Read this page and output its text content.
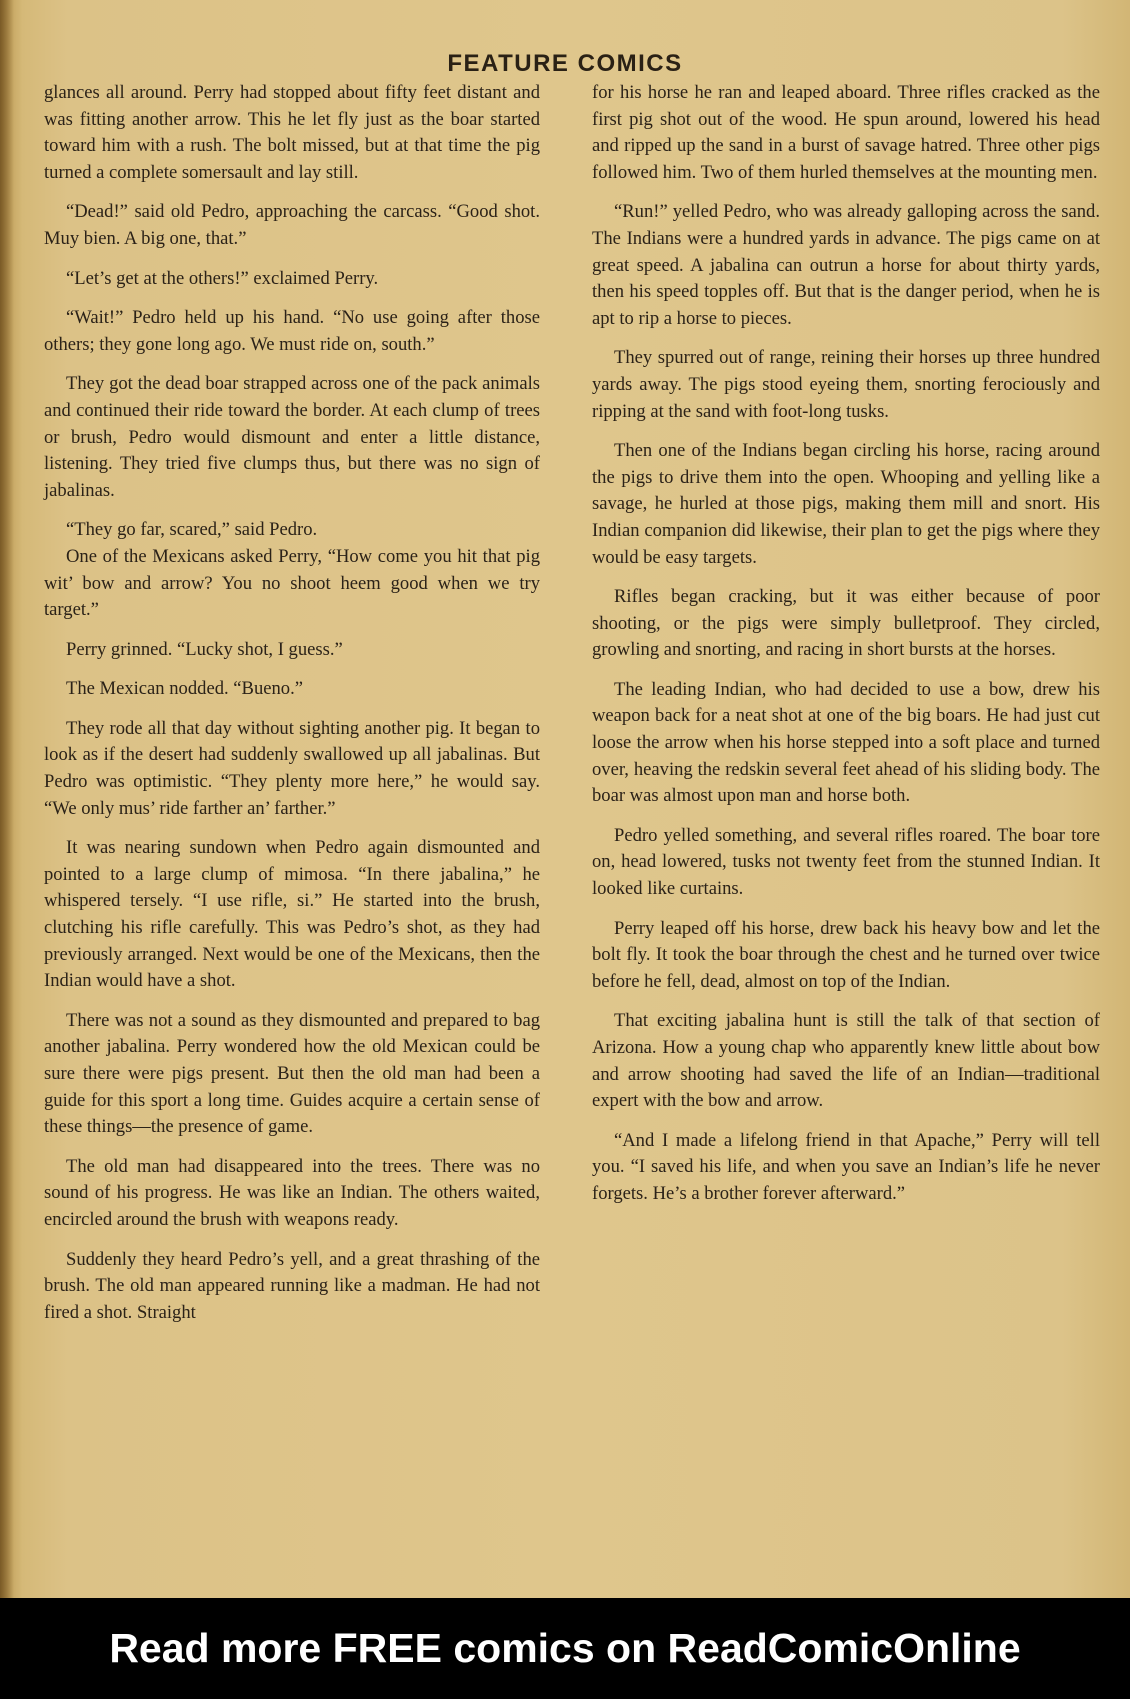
FEATURE COMICS

glances all around. Perry had stopped about fifty feet distant and was fitting another arrow. This he let fly just as the boar started toward him with a rush. The bolt missed, but at that time the pig turned a complete somersault and lay still.

“Dead!” said old Pedro, approaching the carcass. “Good shot. Muy bien. A big one, that.”

“Let’s get at the others!” exclaimed Perry.

“Wait!” Pedro held up his hand. “No use going after those others; they gone long ago. We must ride on, south.”

They got the dead boar strapped across one of the pack animals and continued their ride toward the border. At each clump of trees or brush, Pedro would dismount and enter a little distance, listening. They tried five clumps thus, but there was no sign of jabalinas.

“They go far, scared,” said Pedro.

One of the Mexicans asked Perry, “How come you hit that pig wit’ bow and arrow? You no shoot heem good when we try target.”

Perry grinned. “Lucky shot, I guess.”

The Mexican nodded. “Bueno.”

They rode all that day without sighting another pig. It began to look as if the desert had suddenly swallowed up all jabalinas. But Pedro was optimistic. “They plenty more here,” he would say. “We only mus’ ride farther an’ farther.”

It was nearing sundown when Pedro again dismounted and pointed to a large clump of mimosa. “In there jabalina,” he whispered tersely. “I use rifle, si.” He started into the brush, clutching his rifle carefully. This was Pedro’s shot, as they had previously arranged. Next would be one of the Mexicans, then the Indian would have a shot.

There was not a sound as they dismounted and prepared to bag another jabalina. Perry wondered how the old Mexican could be sure there were pigs present. But then the old man had been a guide for this sport a long time. Guides acquire a certain sense of these things—the presence of game.

The old man had disappeared into the trees. There was no sound of his progress. He was like an Indian. The others waited, encircled around the brush with weapons ready.

Suddenly they heard Pedro’s yell, and a great thrashing of the brush. The old man appeared running like a madman. He had not fired a shot. Straight

for his horse he ran and leaped aboard. Three rifles cracked as the first pig shot out of the wood. He spun around, lowered his head and ripped up the sand in a burst of savage hatred. Three other pigs followed him. Two of them hurled themselves at the mounting men.

“Run!” yelled Pedro, who was already galloping across the sand. The Indians were a hundred yards in advance. The pigs came on at great speed. A jabalina can outrun a horse for about thirty yards, then his speed topples off. But that is the danger period, when he is apt to rip a horse to pieces.

They spurred out of range, reining their horses up three hundred yards away. The pigs stood eyeing them, snorting ferociously and ripping at the sand with foot-long tusks.

Then one of the Indians began circling his horse, racing around the pigs to drive them into the open. Whooping and yelling like a savage, he hurled at those pigs, making them mill and snort. His Indian companion did likewise, their plan to get the pigs where they would be easy targets.

Rifles began cracking, but it was either because of poor shooting, or the pigs were simply bulletproof. They circled, growling and snorting, and racing in short bursts at the horses.

The leading Indian, who had decided to use a bow, drew his weapon back for a neat shot at one of the big boars. He had just cut loose the arrow when his horse stepped into a soft place and turned over, heaving the redskin several feet ahead of his sliding body. The boar was almost upon man and horse both.

Pedro yelled something, and several rifles roared. The boar tore on, head lowered, tusks not twenty feet from the stunned Indian. It looked like curtains.

Perry leaped off his horse, drew back his heavy bow and let the bolt fly. It took the boar through the chest and he turned over twice before he fell, dead, almost on top of the Indian.

That exciting jabalina hunt is still the talk of that section of Arizona. How a young chap who apparently knew little about bow and arrow shooting had saved the life of an Indian—traditional expert with the bow and arrow.

“And I made a lifelong friend in that Apache,” Perry will tell you. “I saved his life, and when you save an Indian’s life he never forgets. He’s a brother forever afterward.”

Read more FREE comics on ReadComicOnline
